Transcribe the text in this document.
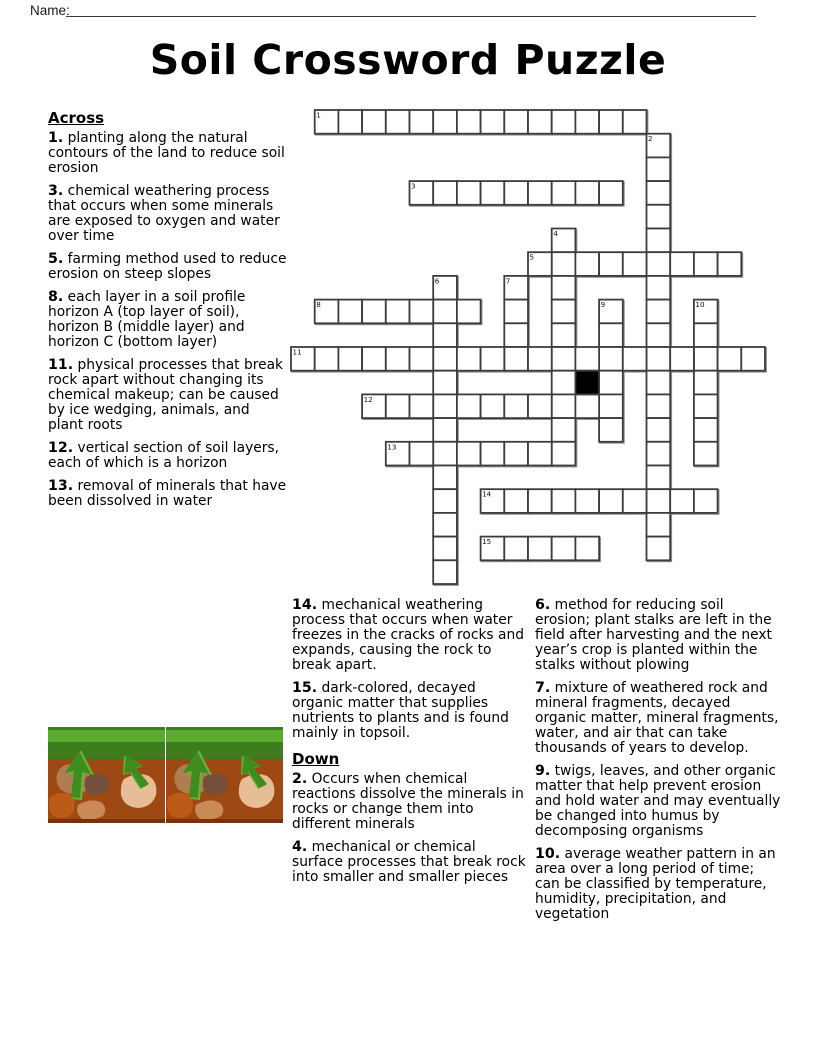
Name:
Soil Crossword Puzzle
Across
1. planting along the natural contours of the land to reduce soil erosion
3. chemical weathering process that occurs when some minerals are exposed to oxygen and water over time
5. farming method used to reduce erosion on steep slopes
8. each layer in a soil profile horizon A (top layer of soil), horizon B (middle layer) and horizon C (bottom layer)
11. physical processes that break rock apart without changing its chemical makeup; can be caused by ice wedging, animals, and plant roots
12. vertical section of soil layers, each of which is a horizon
13. removal of minerals that have been dissolved in water
1
2
3
4
5
6	7
8	9	10
11
12
13
14
15
14. mechanical weathering process that occurs when water freezes in the cracks of rocks and expands, causing the rock to break apart.
15. dark-colored, decayed organic matter that supplies nutrients to plants and is found mainly in topsoil.
Down
2. Occurs when chemical reactions dissolve the minerals in rocks or change them into different minerals
4. mechanical or chemical surface processes that break rock into smaller and smaller pieces
6. method for reducing soil erosion; plant stalks are left in the field after harvesting and the next year’s crop is planted within the stalks without plowing
7. mixture of weathered rock and mineral fragments, decayed organic matter, mineral fragments, water, and air that can take thousands of years to develop.
9. twigs, leaves, and other organic matter that help prevent erosion and hold water and may eventually be changed into humus by decomposing organisms
10. average weather pattern in an area over a long period of time; can be classified by temperature, humidity, precipitation, and vegetation
